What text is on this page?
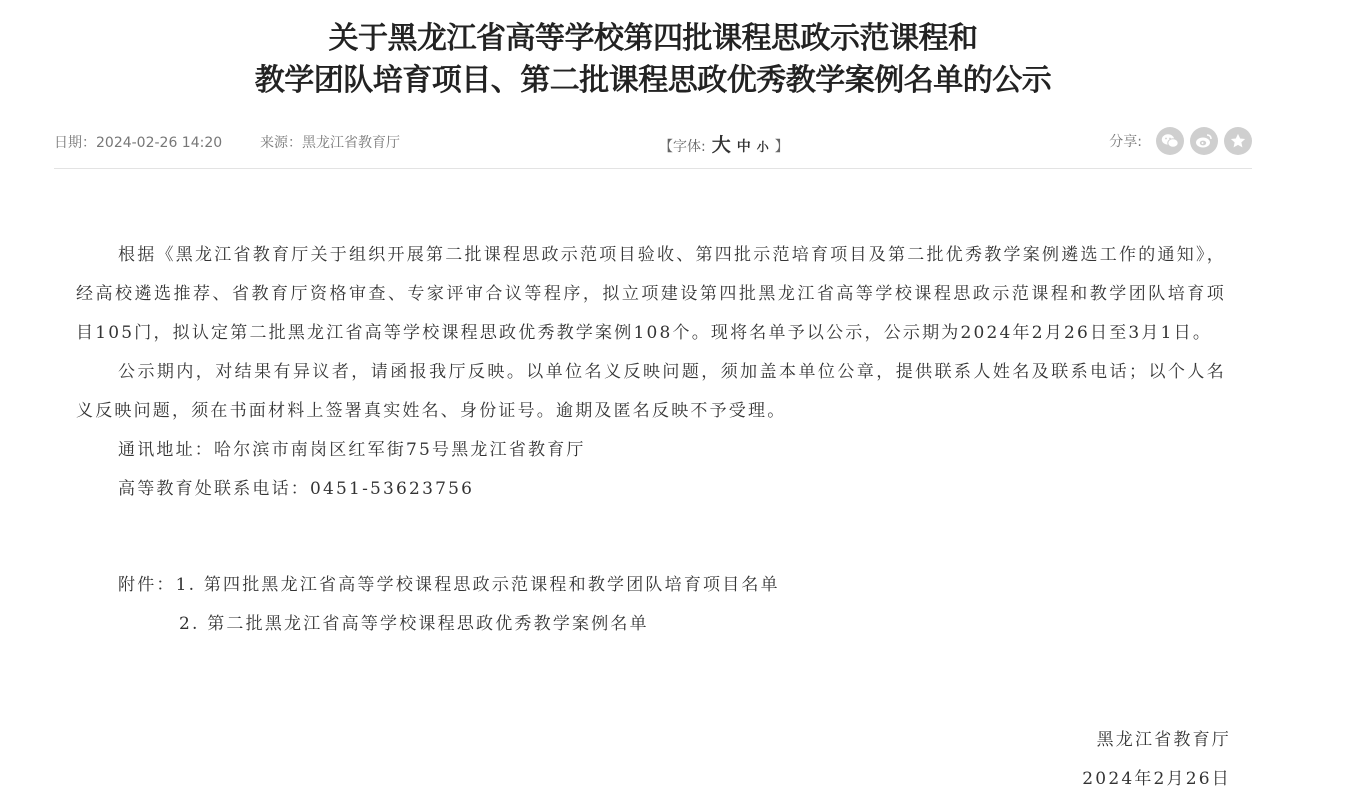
关于黑龙江省高等学校第四批课程思政示范课程和
教学团队培育项目、第二批课程思政优秀教学案例名单的公示
日期：2024-02-26 14:20	来源：黑龙江省教育厅	【字体: 大 中 小 】	分享:

根据《黑龙江省教育厅关于组织开展第二批课程思政示范项目验收、第四批示范培育项目及第二批优秀教学案例遴选工作的通知》，经高校遴选推荐、省教育厅资格审查、专家评审合议等程序，拟立项建设第四批黑龙江省高等学校课程思政示范课程和教学团队培育项目105门，拟认定第二批黑龙江省高等学校课程思政优秀教学案例108个。现将名单予以公示，公示期为2024年2月26日至3月1日。

公示期内，对结果有异议者，请函报我厅反映。以单位名义反映问题，须加盖本单位公章，提供联系人姓名及联系电话；以个人名义反映问题，须在书面材料上签署真实姓名、身份证号。逾期及匿名反映不予受理。

通讯地址：哈尔滨市南岗区红军街75号黑龙江省教育厅

高等教育处联系电话：0451-53623756

附件：1. 第四批黑龙江省高等学校课程思政示范课程和教学团队培育项目名单
2. 第二批黑龙江省高等学校课程思政优秀教学案例名单
黑龙江省教育厅
2024年2月26日
